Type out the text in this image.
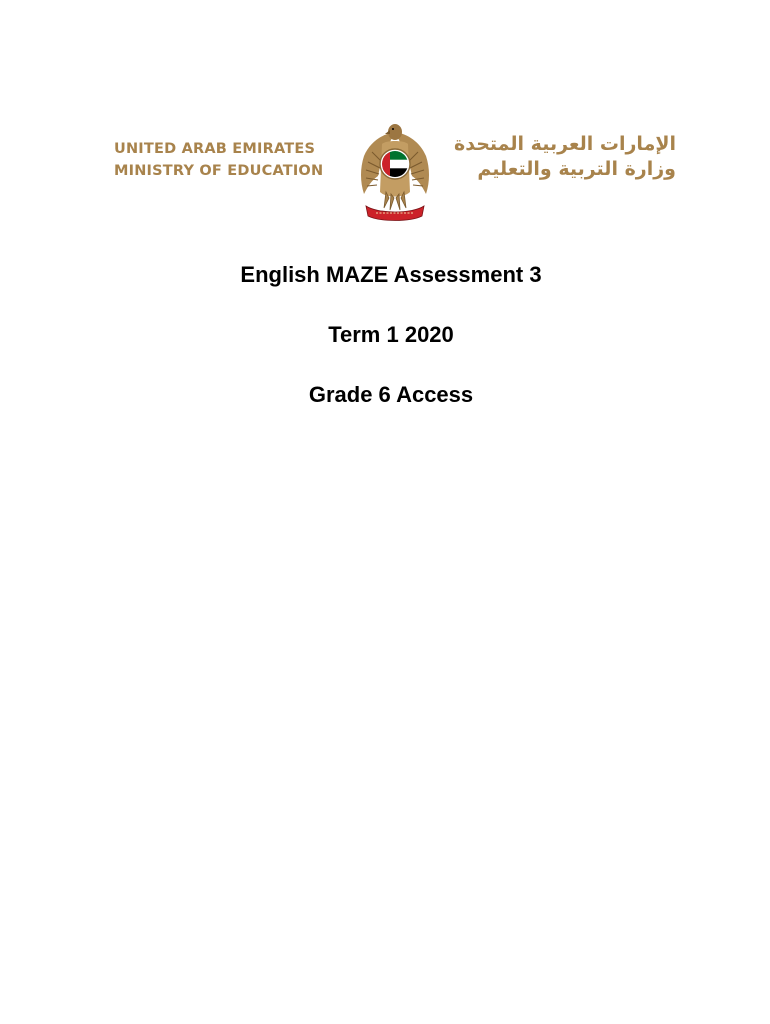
UNITED ARAB EMIRATES
MINISTRY OF EDUCATION
الإمارات العربية المتحدة
وزارة التربية والتعليم
English MAZE Assessment 3
Term 1 2020
Grade 6 Access
